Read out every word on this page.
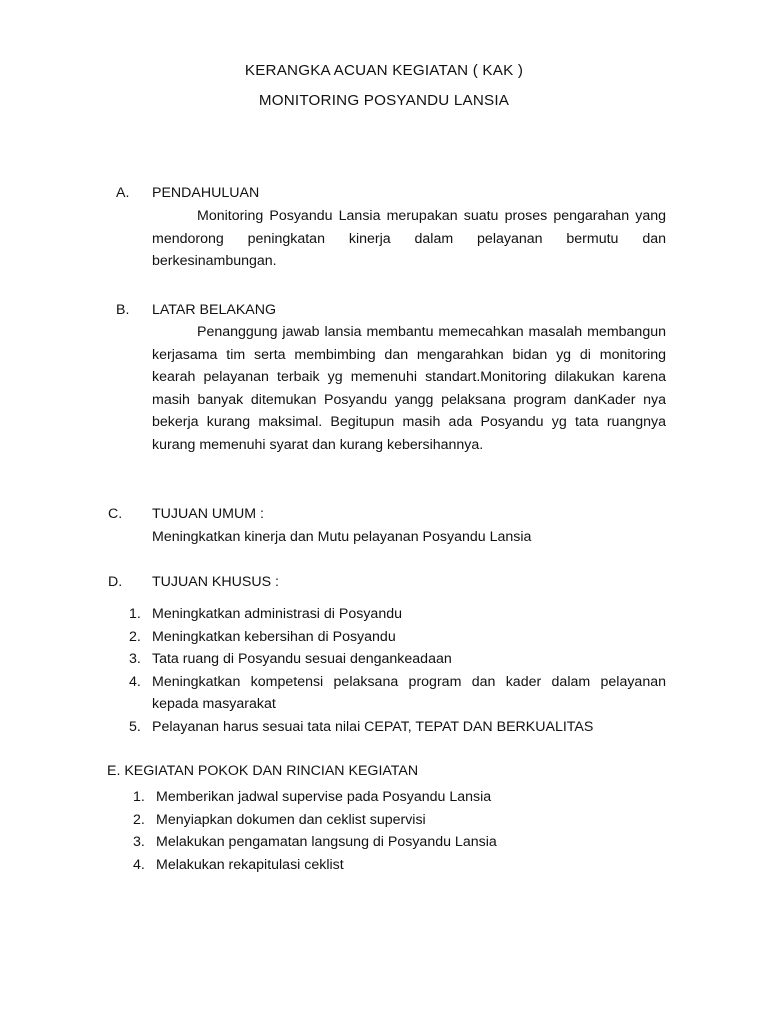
KERANGKA ACUAN KEGIATAN ( KAK )
MONITORING POSYANDU LANSIA
A. PENDAHULUAN

Monitoring Posyandu Lansia merupakan suatu proses pengarahan yang mendorong peningkatan kinerja dalam pelayanan bermutu dan berkesinambungan.

B. LATAR BELAKANG

Penanggung jawab lansia membantu memecahkan masalah membangun kerjasama tim serta membimbing dan mengarahkan bidan yg di monitoring kearah pelayanan terbaik yg memenuhi standart.Monitoring dilakukan karena masih banyak ditemukan Posyandu yangg pelaksana program danKader nya bekerja kurang maksimal. Begitupun masih ada Posyandu yg tata ruangnya kurang memenuhi syarat dan kurang kebersihannya.

C. TUJUAN UMUM :
Meningkatkan kinerja dan Mutu pelayanan Posyandu Lansia
D. TUJUAN KHUSUS :
1. Meningkatkan administrasi di Posyandu
2. Meningkatkan kebersihan di Posyandu
3. Tata ruang di Posyandu sesuai dengankeadaan
4. Meningkatkan kompetensi pelaksana program dan kader dalam pelayanan kepada masyarakat
5. Pelayanan harus sesuai tata nilai CEPAT, TEPAT DAN BERKUALITAS
E. KEGIATAN POKOK DAN RINCIAN KEGIATAN
1. Memberikan jadwal supervise pada Posyandu Lansia
2. Menyiapkan dokumen dan ceklist supervisi
3. Melakukan pengamatan langsung di Posyandu Lansia
4. Melakukan rekapitulasi ceklist
